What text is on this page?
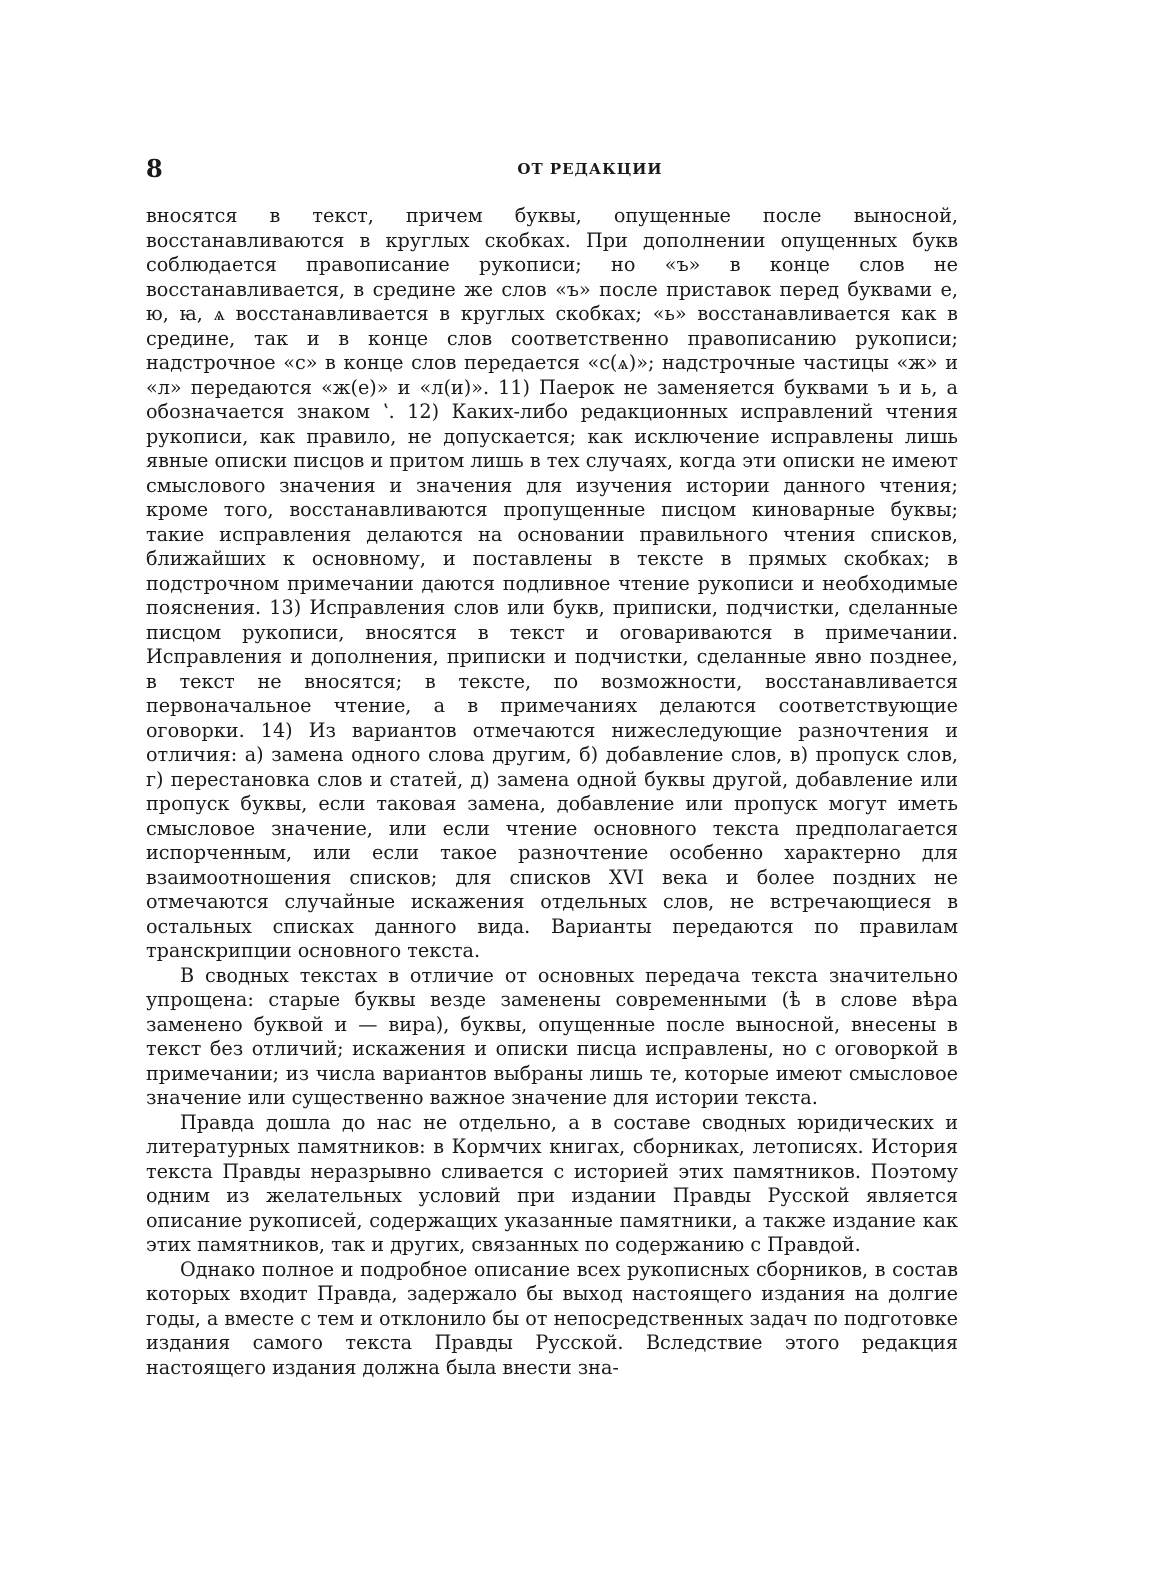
8	ОТ РЕДАКЦИИ

вносятся в текст, причем буквы, опущенные после выносной, восстанавливаются в круглых скобках. При дополнении опущенных букв соблюдается правописание рукописи; но «ъ» в конце слов не восстанавливается, в средине же слов «ъ» после приставок перед буквами е, ю, ꙗ, ѧ восстанавливается в круглых скобках; «ь» восстанавливается как в средине, так и в конце слов соответственно правописанию рукописи; надстрочное «с» в конце слов передается «с(ѧ)»; надстрочные частицы «ж» и «л» передаются «ж(е)» и «л(и)». 11) Паерок не заменяется буквами ъ и ь, а обозначается знаком ʽ. 12) Каких-либо редакционных исправлений чтения рукописи, как правило, не допускается; как исключение исправлены лишь явные описки писцов и притом лишь в тех случаях, когда эти описки не имеют смыслового значения и значения для изучения истории данного чтения; кроме того, восстанавливаются пропущенные писцом киноварные буквы; такие исправления делаются на основании правильного чтения списков, ближайших к основному, и поставлены в тексте в прямых скобках; в подстрочном примечании даются подливное чтение рукописи и необходимые пояснения. 13) Исправления слов или букв, приписки, подчистки, сделанные писцом рукописи, вносятся в текст и оговариваются в примечании. Исправления и дополнения, приписки и подчистки, сделанные явно позднее, в текст не вносятся; в тексте, по возможности, восстанавливается первоначальное чтение, а в примечаниях делаются соответствующие оговорки. 14) Из вариантов отмечаются нижеследующие разночтения и отличия: а) замена одного слова другим, б) добавление слов, в) пропуск слов, г) перестановка слов и статей, д) замена одной буквы другой, добавление или пропуск буквы, если таковая замена, добавление или пропуск могут иметь смысловое значение, или если чтение основного текста предполагается испорченным, или если такое разночтение особенно характерно для взаимоотношения списков; для списков XVI века и более поздних не отмечаются случайные искажения отдельных слов, не встречающиеся в остальных списках данного вида. Варианты передаются по правилам транскрипции основного текста.

В сводных текстах в отличие от основных передача текста значительно упрощена: старые буквы везде заменены современными (ѣ в слове вѣра заменено буквой и — вира), буквы, опущенные после выносной, внесены в текст без отличий; искажения и описки писца исправлены, но с оговоркой в примечании; из числа вариантов выбраны лишь те, которые имеют смысловое значение или существенно важное значение для истории текста.

Правда дошла до нас не отдельно, а в составе сводных юридических и литературных памятников: в Кормчих книгах, сборниках, летописях. История текста Правды неразрывно сливается с историей этих памятников. Поэтому одним из желательных условий при издании Правды Русской является описание рукописей, содержащих указанные памятники, а также издание как этих памятников, так и других, связанных по содержанию с Правдой.

Однако полное и подробное описание всех рукописных сборников, в состав которых входит Правда, задержало бы выход настоящего издания на долгие годы, а вместе с тем и отклонило бы от непосредственных задач по подготовке издания самого текста Правды Русской. Вследствие этого редакция настоящего издания должна была внести зна-
